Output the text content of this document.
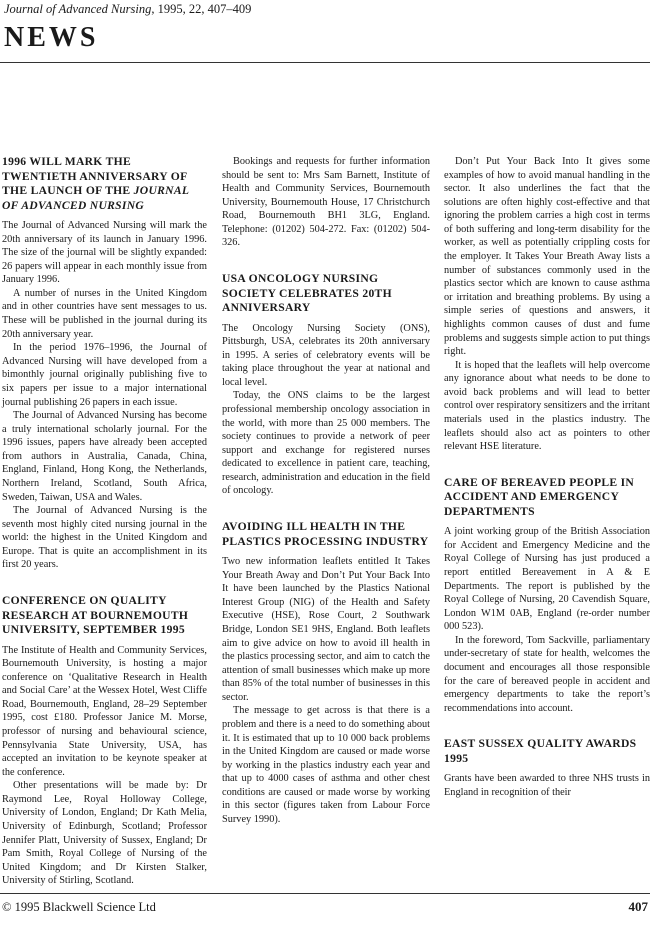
Journal of Advanced Nursing, 1995, 22, 407–409
NEWS
1996 WILL MARK THE TWENTIETH ANNIVERSARY OF THE LAUNCH OF THE JOURNAL OF ADVANCED NURSING

The Journal of Advanced Nursing will mark the 20th anniversary of its launch in January 1996. The size of the journal will be slightly expanded: 26 papers will appear in each monthly issue from January 1996.

A number of nurses in the United Kingdom and in other countries have sent messages to us. These will be published in the journal during its 20th anniversary year.

In the period 1976–1996, the Journal of Advanced Nursing will have developed from a bimonthly journal originally publishing five to six papers per issue to a major international journal publishing 26 papers in each issue.

The Journal of Advanced Nursing has become a truly international scholarly journal. For the 1996 issues, papers have already been accepted from authors in Australia, Canada, China, England, Finland, Hong Kong, the Netherlands, Northern Ireland, Scotland, South Africa, Sweden, Taiwan, USA and Wales.

The Journal of Advanced Nursing is the seventh most highly cited nursing journal in the world: the highest in the United Kingdom and Europe. That is quite an accomplishment in its first 20 years.

CONFERENCE ON QUALITY RESEARCH AT BOURNEMOUTH UNIVERSITY, SEPTEMBER 1995

The Institute of Health and Community Services, Bournemouth University, is hosting a major conference on ‘Qualitative Research in Health and Social Care’ at the Wessex Hotel, West Cliffe Road, Bournemouth, England, 28–29 September 1995, cost £180. Professor Janice M. Morse, professor of nursing and behavioural science, Pennsylvania State University, USA, has accepted an invitation to be keynote speaker at the conference.

Other presentations will be made by: Dr Raymond Lee, Royal Holloway College, University of London, England; Dr Kath Melia, University of Edinburgh, Scotland; Professor Jennifer Platt, University of Sussex, England; Dr Pam Smith, Royal College of Nursing of the United Kingdom; and Dr Kirsten Stalker, University of Stirling, Scotland.

Bookings and requests for further information should be sent to: Mrs Sam Barnett, Institute of Health and Community Services, Bournemouth University, Bournemouth House, 17 Christchurch Road, Bournemouth BH1 3LG, England. Telephone: (01202) 504-272. Fax: (01202) 504-326.

USA ONCOLOGY NURSING SOCIETY CELEBRATES 20TH ANNIVERSARY

The Oncology Nursing Society (ONS), Pittsburgh, USA, celebrates its 20th anniversary in 1995. A series of celebratory events will be taking place throughout the year at national and local level.

Today, the ONS claims to be the largest professional membership oncology association in the world, with more than 25 000 members. The society continues to provide a network of peer support and exchange for registered nurses dedicated to excellence in patient care, teaching, research, administration and education in the field of oncology.

AVOIDING ILL HEALTH IN THE PLASTICS PROCESSING INDUSTRY

Two new information leaflets entitled It Takes Your Breath Away and Don’t Put Your Back Into It have been launched by the Plastics National Interest Group (NIG) of the Health and Safety Executive (HSE), Rose Court, 2 Southwark Bridge, London SE1 9HS, England. Both leaflets aim to give advice on how to avoid ill health in the plastics processing sector, and aim to catch the attention of small businesses which make up more than 85% of the total number of businesses in this sector.

The message to get across is that there is a problem and there is a need to do something about it. It is estimated that up to 10 000 back problems in the United Kingdom are caused or made worse by working in the plastics industry each year and that up to 4000 cases of asthma and other chest conditions are caused or made worse by working in this sector (figures taken from Labour Force Survey 1990).

Don’t Put Your Back Into It gives some examples of how to avoid manual handling in the sector. It also underlines the fact that the solutions are often highly cost-effective and that ignoring the problem carries a high cost in terms of both suffering and long-term disability for the worker, as well as potentially crippling costs for the employer. It Takes Your Breath Away lists a number of substances commonly used in the plastics sector which are known to cause asthma or irritation and breathing problems. By using a simple series of questions and answers, it highlights common causes of dust and fume problems and suggests simple action to put things right.

It is hoped that the leaflets will help overcome any ignorance about what needs to be done to avoid back problems and will lead to better control over respiratory sensitizers and the irritant materials used in the plastics industry. The leaflets should also act as pointers to other relevant HSE literature.

CARE OF BEREAVED PEOPLE IN ACCIDENT AND EMERGENCY DEPARTMENTS

A joint working group of the British Association for Accident and Emergency Medicine and the Royal College of Nursing has just produced a report entitled Bereavement in A & E Departments. The report is published by the Royal College of Nursing, 20 Cavendish Square, London W1M 0AB, England (re-order number 000 523).

In the foreword, Tom Sackville, parliamentary under-secretary of state for health, welcomes the document and encourages all those responsible for the care of bereaved people in accident and emergency departments to take the report’s recommendations into account.

EAST SUSSEX QUALITY AWARDS 1995

Grants have been awarded to three NHS trusts in England in recognition of their

© 1995 Blackwell Science Ltd	407
